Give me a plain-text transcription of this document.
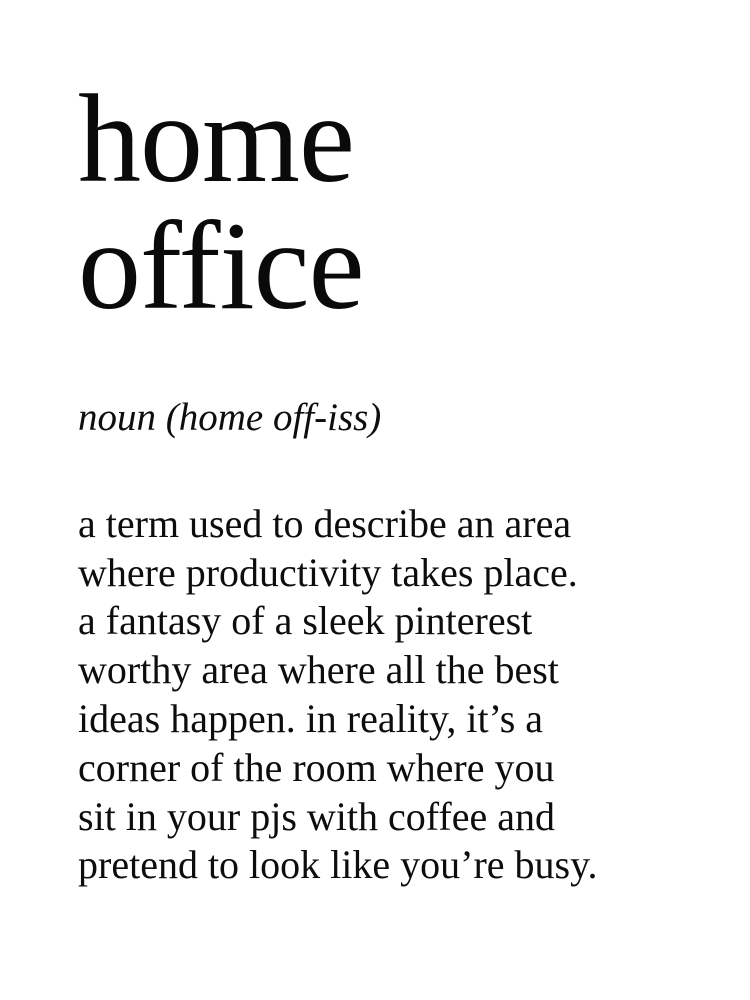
home
office
noun (home off-iss)
a term used to describe an area
where productivity takes place.
a fantasy of a sleek pinterest
worthy area where all the best
ideas happen. in reality, it’s a
corner of the room where you
sit in your pjs with coffee and
pretend to look like you’re busy.
